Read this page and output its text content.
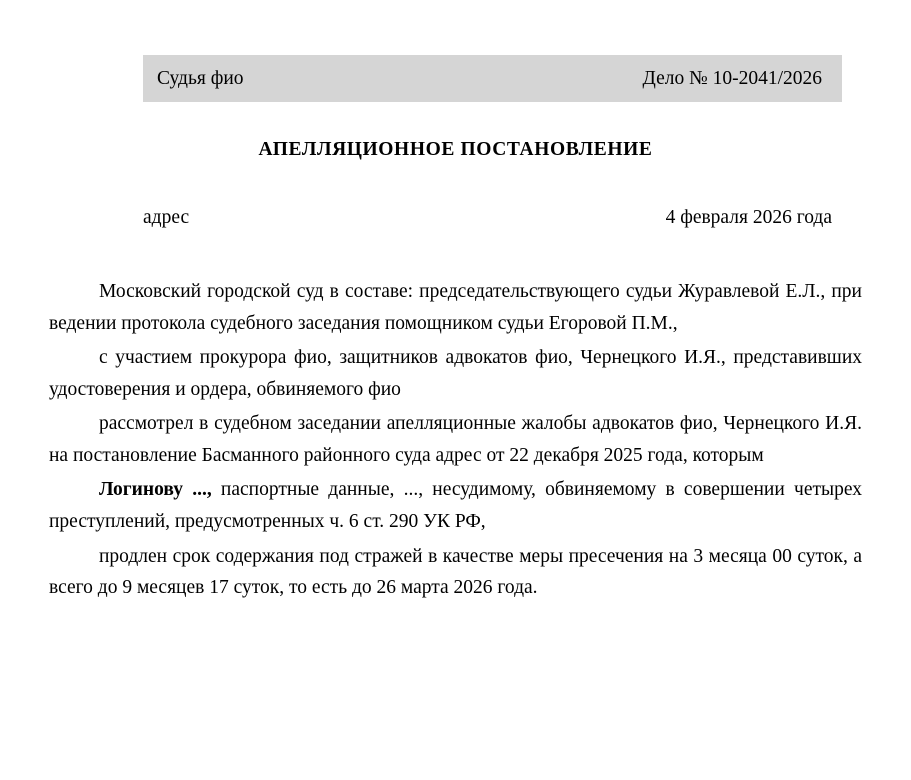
Судья фио	Дело № 10-2041/2026
АПЕЛЛЯЦИОННОЕ ПОСТАНОВЛЕНИЕ
адрес	4 февраля 2026 года

Московский городской суд в составе: председательствующего судьи Журавлевой Е.Л., при ведении протокола судебного заседания помощником судьи Егоровой П.М.,

с участием прокурора фио, защитников адвокатов фио, Чернецкого И.Я., представивших удостоверения и ордера, обвиняемого фио

рассмотрел в судебном заседании апелляционные жалобы адвокатов фио, Чернецкого И.Я. на постановление Басманного районного суда адрес от 22 декабря 2025 года, которым

Логинову ..., паспортные данные, ..., несудимому, обвиняемому в совершении четырех преступлений, предусмотренных ч. 6 ст. 290 УК РФ,

продлен срок содержания под стражей в качестве меры пресечения на 3 месяца 00 суток, а всего до 9 месяцев 17 суток, то есть до 26 марта 2026 года.
